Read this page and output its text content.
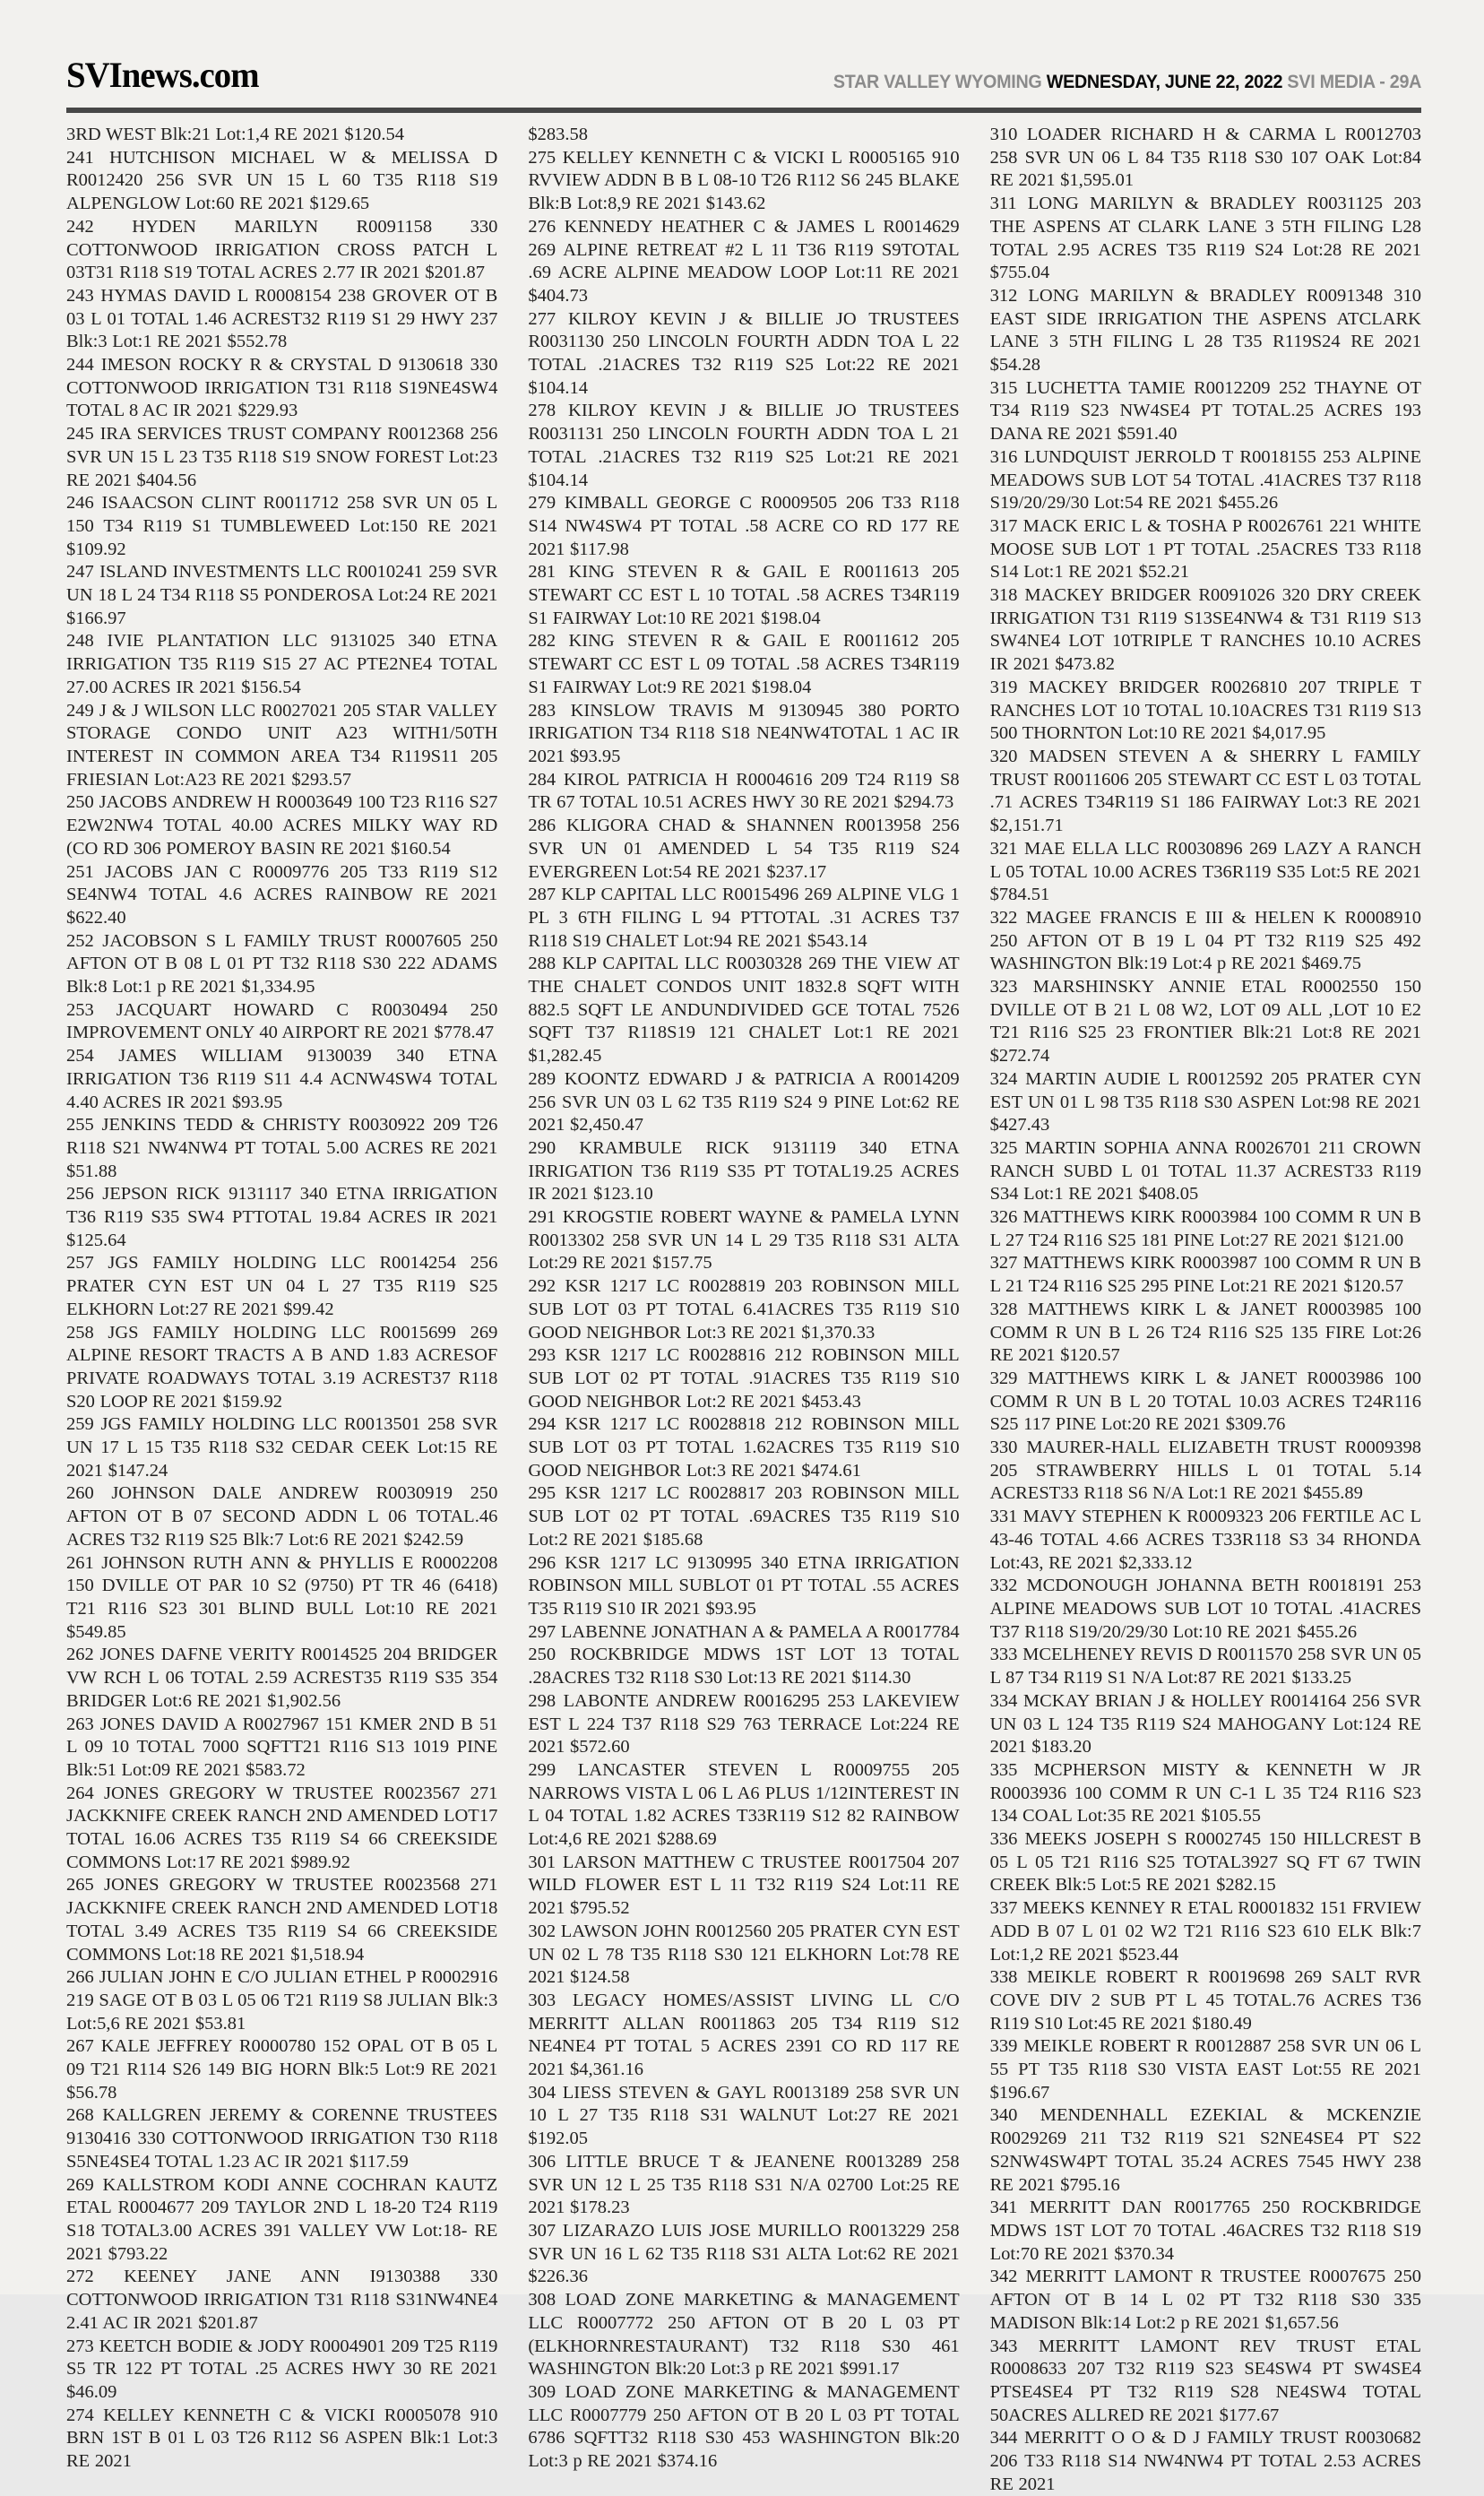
SVInews.com	STAR VALLEY WYOMING WEDNESDAY, JUNE 22, 2022 SVI MEDIA - 29A

3RD WEST Blk:21 Lot:1,4 RE 2021 $120.54

241 HUTCHISON MICHAEL W & MELISSA D R0012420 256 SVR UN 15 L 60 T35 R118 S19 ALPENGLOW Lot:60 RE 2021 $129.65

242 HYDEN MARILYN R0091158 330 COTTONWOOD IRRIGATION CROSS PATCH L 03T31 R118 S19 TOTAL ACRES 2.77 IR 2021 $201.87

243 HYMAS DAVID L R0008154 238 GROVER OT B 03 L 01 TOTAL 1.46 ACREST32 R119 S1 29 HWY 237 Blk:3 Lot:1 RE 2021 $552.78

244 IMESON ROCKY R & CRYSTAL D 9130618 330 COTTONWOOD IRRIGATION T31 R118 S19NE4SW4 TOTAL 8 AC IR 2021 $229.93

245 IRA SERVICES TRUST COMPANY R0012368 256 SVR UN 15 L 23 T35 R118 S19 SNOW FOREST Lot:23 RE 2021 $404.56

246 ISAACSON CLINT R0011712 258 SVR UN 05 L 150 T34 R119 S1 TUMBLEWEED Lot:150 RE 2021 $109.92

247 ISLAND INVESTMENTS LLC R0010241 259 SVR UN 18 L 24 T34 R118 S5 PONDEROSA Lot:24 RE 2021 $166.97

248 IVIE PLANTATION LLC 9131025 340 ETNA IRRIGATION T35 R119 S15 27 AC PTE2NE4 TOTAL 27.00 ACRES IR 2021 $156.54

249 J & J WILSON LLC R0027021 205 STAR VALLEY STORAGE CONDO UNIT A23 WITH1/50TH INTEREST IN COMMON AREA T34 R119S11 205 FRIESIAN Lot:A23 RE 2021 $293.57

250 JACOBS ANDREW H R0003649 100 T23 R116 S27 E2W2NW4 TOTAL 40.00 ACRES MILKY WAY RD (CO RD 306 POMEROY BASIN RE 2021 $160.54

251 JACOBS JAN C R0009776 205 T33 R119 S12 SE4NW4 TOTAL 4.6 ACRES RAINBOW RE 2021 $622.40

252 JACOBSON S L FAMILY TRUST R0007605 250 AFTON OT B 08 L 01 PT T32 R118 S30 222 ADAMS Blk:8 Lot:1 p RE 2021 $1,334.95

253 JACQUART HOWARD C R0030494 250 IMPROVEMENT ONLY 40 AIRPORT RE 2021 $778.47

254 JAMES WILLIAM 9130039 340 ETNA IRRIGATION T36 R119 S11 4.4 ACNW4SW4 TOTAL 4.40 ACRES IR 2021 $93.95

255 JENKINS TEDD & CHRISTY R0030922 209 T26 R118 S21 NW4NW4 PT TOTAL 5.00 ACRES RE 2021 $51.88

256 JEPSON RICK 9131117 340 ETNA IRRIGATION T36 R119 S35 SW4 PTTOTAL 19.84 ACRES IR 2021 $125.64

257 JGS FAMILY HOLDING LLC R0014254 256 PRATER CYN EST UN 04 L 27 T35 R119 S25 ELKHORN Lot:27 RE 2021 $99.42

258 JGS FAMILY HOLDING LLC R0015699 269 ALPINE RESORT TRACTS A B AND 1.83 ACRESOF PRIVATE ROADWAYS TOTAL 3.19 ACREST37 R118 S20 LOOP RE 2021 $159.92

259 JGS FAMILY HOLDING LLC R0013501 258 SVR UN 17 L 15 T35 R118 S32 CEDAR CEEK Lot:15 RE 2021 $147.24

260 JOHNSON DALE ANDREW R0030919 250 AFTON OT B 07 SECOND ADDN L 06 TOTAL.46 ACRES T32 R119 S25 Blk:7 Lot:6 RE 2021 $242.59

261 JOHNSON RUTH ANN & PHYLLIS E R0002208 150 DVILLE OT PAR 10 S2 (9750) PT TR 46 (6418) T21 R116 S23 301 BLIND BULL Lot:10 RE 2021 $549.85

262 JONES DAFNE VERITY R0014525 204 BRIDGER VW RCH L 06 TOTAL 2.59 ACREST35 R119 S35 354 BRIDGER Lot:6 RE 2021 $1,902.56

263 JONES DAVID A R0027967 151 KMER 2ND B 51 L 09 10 TOTAL 7000 SQFTT21 R116 S13 1019 PINE Blk:51 Lot:09 RE 2021 $583.72

264 JONES GREGORY W TRUSTEE R0023567 271 JACKKNIFE CREEK RANCH 2ND AMENDED LOT17 TOTAL 16.06 ACRES T35 R119 S4 66 CREEKSIDE COMMONS Lot:17 RE 2021 $989.92

265 JONES GREGORY W TRUSTEE R0023568 271 JACKKNIFE CREEK RANCH 2ND AMENDED LOT18 TOTAL 3.49 ACRES T35 R119 S4 66 CREEKSIDE COMMONS Lot:18 RE 2021 $1,518.94

266 JULIAN JOHN E C/O JULIAN ETHEL P R0002916 219 SAGE OT B 03 L 05 06 T21 R119 S8 JULIAN Blk:3 Lot:5,6 RE 2021 $53.81

267 KALE JEFFREY R0000780 152 OPAL OT B 05 L 09 T21 R114 S26 149 BIG HORN Blk:5 Lot:9 RE 2021 $56.78

268 KALLGREN JEREMY & CORENNE TRUSTEES 9130416 330 COTTONWOOD IRRIGATION T30 R118 S5NE4SE4 TOTAL 1.23 AC IR 2021 $117.59

269 KALLSTROM KODI ANNE COCHRAN KAUTZ ETAL R0004677 209 TAYLOR 2ND L 18-20 T24 R119 S18 TOTAL3.00 ACRES 391 VALLEY VW Lot:18- RE 2021 $793.22

272 KEENEY JANE ANN I9130388 330 COTTONWOOD IRRIGATION T31 R118 S31NW4NE4 2.41 AC IR 2021 $201.87

273 KEETCH BODIE & JODY R0004901 209 T25 R119 S5 TR 122 PT TOTAL .25 ACRES HWY 30 RE 2021 $46.09

274 KELLEY KENNETH C & VICKI R0005078 910 BRN 1ST B 01 L 03 T26 R112 S6 ASPEN Blk:1 Lot:3 RE 2021

$283.58

275 KELLEY KENNETH C & VICKI L R0005165 910 RVVIEW ADDN B B L 08-10 T26 R112 S6 245 BLAKE Blk:B Lot:8,9 RE 2021 $143.62

276 KENNEDY HEATHER C & JAMES L R0014629 269 ALPINE RETREAT #2 L 11 T36 R119 S9TOTAL .69 ACRE ALPINE MEADOW LOOP Lot:11 RE 2021 $404.73

277 KILROY KEVIN J & BILLIE JO TRUSTEES R0031130 250 LINCOLN FOURTH ADDN TOA L 22 TOTAL .21ACRES T32 R119 S25 Lot:22 RE 2021 $104.14

278 KILROY KEVIN J & BILLIE JO TRUSTEES R0031131 250 LINCOLN FOURTH ADDN TOA L 21 TOTAL .21ACRES T32 R119 S25 Lot:21 RE 2021 $104.14

279 KIMBALL GEORGE C R0009505 206 T33 R118 S14 NW4SW4 PT TOTAL .58 ACRE CO RD 177 RE 2021 $117.98

281 KING STEVEN R & GAIL E R0011613 205 STEWART CC EST L 10 TOTAL .58 ACRES T34R119 S1 FAIRWAY Lot:10 RE 2021 $198.04

282 KING STEVEN R & GAIL E R0011612 205 STEWART CC EST L 09 TOTAL .58 ACRES T34R119 S1 FAIRWAY Lot:9 RE 2021 $198.04

283 KINSLOW TRAVIS M 9130945 380 PORTO IRRIGATION T34 R118 S18 NE4NW4TOTAL 1 AC IR 2021 $93.95

284 KIROL PATRICIA H R0004616 209 T24 R119 S8 TR 67 TOTAL 10.51 ACRES HWY 30 RE 2021 $294.73

286 KLIGORA CHAD & SHANNEN R0013958 256 SVR UN 01 AMENDED L 54 T35 R119 S24 EVERGREEN Lot:54 RE 2021 $237.17

287 KLP CAPITAL LLC R0015496 269 ALPINE VLG 1 PL 3 6TH FILING L 94 PTTOTAL .31 ACRES T37 R118 S19 CHALET Lot:94 RE 2021 $543.14

288 KLP CAPITAL LLC R0030328 269 THE VIEW AT THE CHALET CONDOS UNIT 1832.8 SQFT WITH 882.5 SQFT LE ANDUNDIVIDED GCE TOTAL 7526 SQFT T37 R118S19 121 CHALET Lot:1 RE 2021 $1,282.45

289 KOONTZ EDWARD J & PATRICIA A R0014209 256 SVR UN 03 L 62 T35 R119 S24 9 PINE Lot:62 RE 2021 $2,450.47

290 KRAMBULE RICK 9131119 340 ETNA IRRIGATION T36 R119 S35 PT TOTAL19.25 ACRES IR 2021 $123.10

291 KROGSTIE ROBERT WAYNE & PAMELA LYNN R0013302 258 SVR UN 14 L 29 T35 R118 S31 ALTA Lot:29 RE 2021 $157.75

292 KSR 1217 LC R0028819 203 ROBINSON MILL SUB LOT 03 PT TOTAL 6.41ACRES T35 R119 S10 GOOD NEIGHBOR Lot:3 RE 2021 $1,370.33

293 KSR 1217 LC R0028816 212 ROBINSON MILL SUB LOT 02 PT TOTAL .91ACRES T35 R119 S10 GOOD NEIGHBOR Lot:2 RE 2021 $453.43

294 KSR 1217 LC R0028818 212 ROBINSON MILL SUB LOT 03 PT TOTAL 1.62ACRES T35 R119 S10 GOOD NEIGHBOR Lot:3 RE 2021 $474.61

295 KSR 1217 LC R0028817 203 ROBINSON MILL SUB LOT 02 PT TOTAL .69ACRES T35 R119 S10 Lot:2 RE 2021 $185.68

296 KSR 1217 LC 9130995 340 ETNA IRRIGATION ROBINSON MILL SUBLOT 01 PT TOTAL .55 ACRES T35 R119 S10 IR 2021 $93.95

297 LABENNE JONATHAN A & PAMELA A R0017784 250 ROCKBRIDGE MDWS 1ST LOT 13 TOTAL .28ACRES T32 R118 S30 Lot:13 RE 2021 $114.30

298 LABONTE ANDREW R0016295 253 LAKEVIEW EST L 224 T37 R118 S29 763 TERRACE Lot:224 RE 2021 $572.60

299 LANCASTER STEVEN L R0009755 205 NARROWS VISTA L 06 L A6 PLUS 1/12INTEREST IN L 04 TOTAL 1.82 ACRES T33R119 S12 82 RAINBOW Lot:4,6 RE 2021 $288.69

301 LARSON MATTHEW C TRUSTEE R0017504 207 WILD FLOWER EST L 11 T32 R119 S24 Lot:11 RE 2021 $795.52

302 LAWSON JOHN R0012560 205 PRATER CYN EST UN 02 L 78 T35 R118 S30 121 ELKHORN Lot:78 RE 2021 $124.58

303 LEGACY HOMES/ASSIST LIVING LL C/O MERRITT ALLAN R0011863 205 T34 R119 S12 NE4NE4 PT TOTAL 5 ACRES 2391 CO RD 117 RE 2021 $4,361.16

304 LIESS STEVEN & GAYL R0013189 258 SVR UN 10 L 27 T35 R118 S31 WALNUT Lot:27 RE 2021 $192.05

306 LITTLE BRUCE T & JEANENE R0013289 258 SVR UN 12 L 25 T35 R118 S31 N/A 02700 Lot:25 RE 2021 $178.23

307 LIZARAZO LUIS JOSE MURILLO R0013229 258 SVR UN 16 L 62 T35 R118 S31 ALTA Lot:62 RE 2021 $226.36

308 LOAD ZONE MARKETING & MANAGEMENT LLC R0007772 250 AFTON OT B 20 L 03 PT (ELKHORNRESTAURANT) T32 R118 S30 461 WASHINGTON Blk:20 Lot:3 p RE 2021 $991.17

309 LOAD ZONE MARKETING & MANAGEMENT LLC R0007779 250 AFTON OT B 20 L 03 PT TOTAL 6786 SQFTT32 R118 S30 453 WASHINGTON Blk:20 Lot:3 p RE 2021 $374.16

310 LOADER RICHARD H & CARMA L R0012703 258 SVR UN 06 L 84 T35 R118 S30 107 OAK Lot:84 RE 2021 $1,595.01

311 LONG MARILYN & BRADLEY R0031125 203 THE ASPENS AT CLARK LANE 3 5TH FILING L28 TOTAL 2.95 ACRES T35 R119 S24 Lot:28 RE 2021 $755.04

312 LONG MARILYN & BRADLEY R0091348 310 EAST SIDE IRRIGATION THE ASPENS ATCLARK LANE 3 5TH FILING L 28 T35 R119S24 RE 2021 $54.28

315 LUCHETTA TAMIE R0012209 252 THAYNE OT T34 R119 S23 NW4SE4 PT TOTAL.25 ACRES 193 DANA RE 2021 $591.40

316 LUNDQUIST JERROLD T R0018155 253 ALPINE MEADOWS SUB LOT 54 TOTAL .41ACRES T37 R118 S19/20/29/30 Lot:54 RE 2021 $455.26

317 MACK ERIC L & TOSHA P R0026761 221 WHITE MOOSE SUB LOT 1 PT TOTAL .25ACRES T33 R118 S14 Lot:1 RE 2021 $52.21

318 MACKEY BRIDGER R0091026 320 DRY CREEK IRRIGATION T31 R119 S13SE4NW4 & T31 R119 S13 SW4NE4 LOT 10TRIPLE T RANCHES 10.10 ACRES IR 2021 $473.82

319 MACKEY BRIDGER R0026810 207 TRIPLE T RANCHES LOT 10 TOTAL 10.10ACRES T31 R119 S13 500 THORNTON Lot:10 RE 2021 $4,017.95

320 MADSEN STEVEN A & SHERRY L FAMILY TRUST R0011606 205 STEWART CC EST L 03 TOTAL .71 ACRES T34R119 S1 186 FAIRWAY Lot:3 RE 2021 $2,151.71

321 MAE ELLA LLC R0030896 269 LAZY A RANCH L 05 TOTAL 10.00 ACRES T36R119 S35 Lot:5 RE 2021 $784.51

322 MAGEE FRANCIS E III & HELEN K R0008910 250 AFTON OT B 19 L 04 PT T32 R119 S25 492 WASHINGTON Blk:19 Lot:4 p RE 2021 $469.75

323 MARSHINSKY ANNIE ETAL R0002550 150 DVILLE OT B 21 L 08 W2, LOT 09 ALL ,LOT 10 E2 T21 R116 S25 23 FRONTIER Blk:21 Lot:8 RE 2021 $272.74

324 MARTIN AUDIE L R0012592 205 PRATER CYN EST UN 01 L 98 T35 R118 S30 ASPEN Lot:98 RE 2021 $427.43

325 MARTIN SOPHIA ANNA R0026701 211 CROWN RANCH SUBD L 01 TOTAL 11.37 ACREST33 R119 S34 Lot:1 RE 2021 $408.05

326 MATTHEWS KIRK R0003984 100 COMM R UN B L 27 T24 R116 S25 181 PINE Lot:27 RE 2021 $121.00

327 MATTHEWS KIRK R0003987 100 COMM R UN B L 21 T24 R116 S25 295 PINE Lot:21 RE 2021 $120.57

328 MATTHEWS KIRK L & JANET R0003985 100 COMM R UN B L 26 T24 R116 S25 135 FIRE Lot:26 RE 2021 $120.57

329 MATTHEWS KIRK L & JANET R0003986 100 COMM R UN B L 20 TOTAL 10.03 ACRES T24R116 S25 117 PINE Lot:20 RE 2021 $309.76

330 MAURER-HALL ELIZABETH TRUST R0009398 205 STRAWBERRY HILLS L 01 TOTAL 5.14 ACREST33 R118 S6 N/A Lot:1 RE 2021 $455.89

331 MAVY STEPHEN K R0009323 206 FERTILE AC L 43-46 TOTAL 4.66 ACRES T33R118 S3 34 RHONDA Lot:43, RE 2021 $2,333.12

332 MCDONOUGH JOHANNA BETH R0018191 253 ALPINE MEADOWS SUB LOT 10 TOTAL .41ACRES T37 R118 S19/20/29/30 Lot:10 RE 2021 $455.26

333 MCELHENEY REVIS D R0011570 258 SVR UN 05 L 87 T34 R119 S1 N/A Lot:87 RE 2021 $133.25

334 MCKAY BRIAN J & HOLLEY R0014164 256 SVR UN 03 L 124 T35 R119 S24 MAHOGANY Lot:124 RE 2021 $183.20

335 MCPHERSON MISTY & KENNETH W JR R0003936 100 COMM R UN C-1 L 35 T24 R116 S23 134 COAL Lot:35 RE 2021 $105.55

336 MEEKS JOSEPH S R0002745 150 HILLCREST B 05 L 05 T21 R116 S25 TOTAL3927 SQ FT 67 TWIN CREEK Blk:5 Lot:5 RE 2021 $282.15

337 MEEKS KENNEY R ETAL R0001832 151 FRVIEW ADD B 07 L 01 02 W2 T21 R116 S23 610 ELK Blk:7 Lot:1,2 RE 2021 $523.44

338 MEIKLE ROBERT R R0019698 269 SALT RVR COVE DIV 2 SUB PT L 45 TOTAL.76 ACRES T36 R119 S10 Lot:45 RE 2021 $180.49

339 MEIKLE ROBERT R R0012887 258 SVR UN 06 L 55 PT T35 R118 S30 VISTA EAST Lot:55 RE 2021 $196.67

340 MENDENHALL EZEKIAL & MCKENZIE R0029269 211 T32 R119 S21 S2NE4SE4 PT S22 S2NW4SW4PT TOTAL 35.24 ACRES 7545 HWY 238 RE 2021 $795.16

341 MERRITT DAN R0017765 250 ROCKBRIDGE MDWS 1ST LOT 70 TOTAL .46ACRES T32 R118 S19 Lot:70 RE 2021 $370.34

342 MERRITT LAMONT R TRUSTEE R0007675 250 AFTON OT B 14 L 02 PT T32 R118 S30 335 MADISON Blk:14 Lot:2 p RE 2021 $1,657.56

343 MERRITT LAMONT REV TRUST ETAL R0008633 207 T32 R119 S23 SE4SW4 PT SW4SE4 PTSE4SE4 PT T32 R119 S28 NE4SW4 TOTAL 50ACRES ALLRED RE 2021 $177.67

344 MERRITT O O & D J FAMILY TRUST R0030682 206 T33 R118 S14 NW4NW4 PT TOTAL 2.53 ACRES RE 2021
